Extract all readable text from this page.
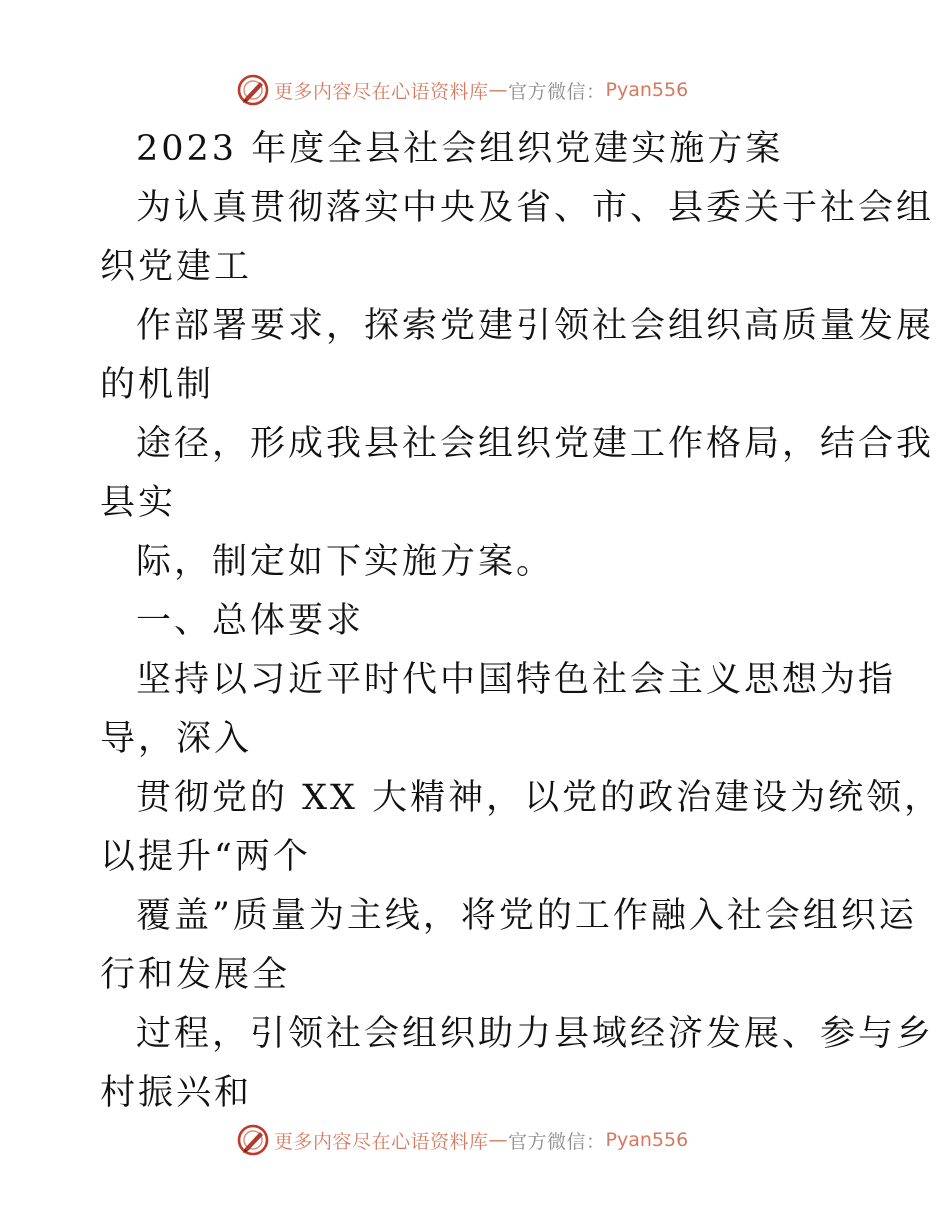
更多内容尽在心语资料库 — 官方微信 ： Pyan556
2023 年度全县社会组织党建实施方案
为认真贯彻落实中央及省、市、县委关于社会组
织党建工
作部署要求，探索党建引领社会组织高质量发展
的机制
途径，形成我县社会组织党建工作格局，结合我
县实
际，制定如下实施方案。
一、总体要求
坚持以习近平时代中国特色社会主义思想为指
导，深入
贯彻党的 XX 大精神，以党的政治建设为统领，
以提升“两个
覆盖”质量为主线，将党的工作融入社会组织运
行和发展全
过程，引领社会组织助力县域经济发展、参与乡
村振兴和
更多内容尽在心语资料库 — 官方微信 ： Pyan556
